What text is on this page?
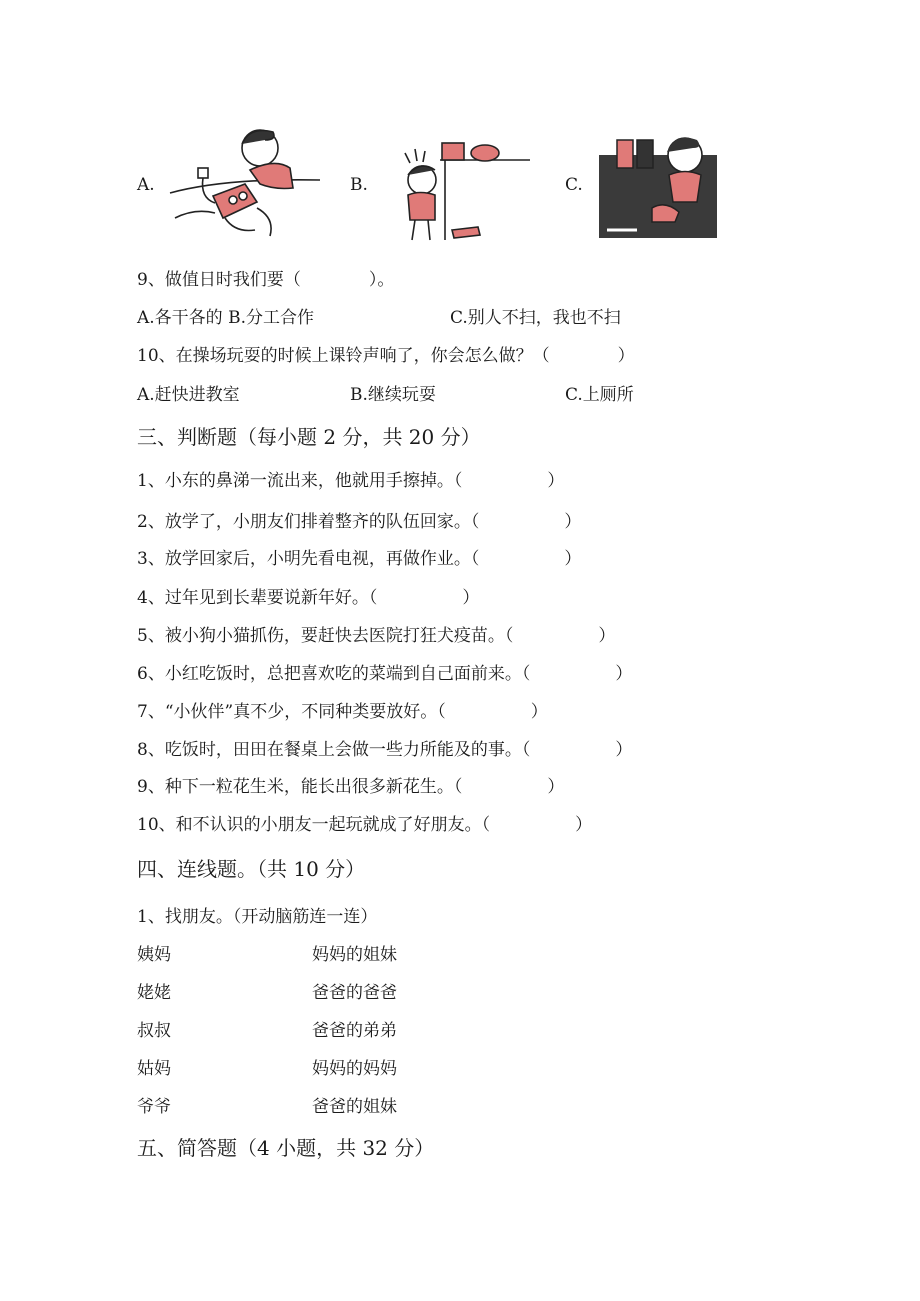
A.	B.	C.
9、做值日时我们要（　　　　）。
A.各干各的 B.分工合作	C.别人不扫，我也不扫
10、在操场玩耍的时候上课铃声响了，你会怎么做？（　　　　）
A.赶快进教室	B.继续玩耍	C.上厕所
三、判断题（每小题 2 分，共 20 分）
1、小东的鼻涕一流出来，他就用手擦掉。（　　　　　）
2、放学了，小朋友们排着整齐的队伍回家。（　　　　　）
3、放学回家后，小明先看电视，再做作业。（　　　　　）
4、过年见到长辈要说新年好。（　　　　　）
5、被小狗小猫抓伤，要赶快去医院打狂犬疫苗。（　　　　　）
6、小红吃饭时，总把喜欢吃的菜端到自己面前来。（　　　　　）
7、“小伙伴”真不少，不同种类要放好。（　　　　　）
8、吃饭时，田田在餐桌上会做一些力所能及的事。（　　　　　）
9、种下一粒花生米，能长出很多新花生。（　　　　　）
10、和不认识的小朋友一起玩就成了好朋友。（　　　　　）
四、连线题。（共 10 分）
1、找朋友。（开动脑筋连一连）
姨妈	妈妈的姐妹
姥姥	爸爸的爸爸
叔叔	爸爸的弟弟
姑妈	妈妈的妈妈
爷爷	爸爸的姐妹
五、简答题（4 小题，共 32 分）
